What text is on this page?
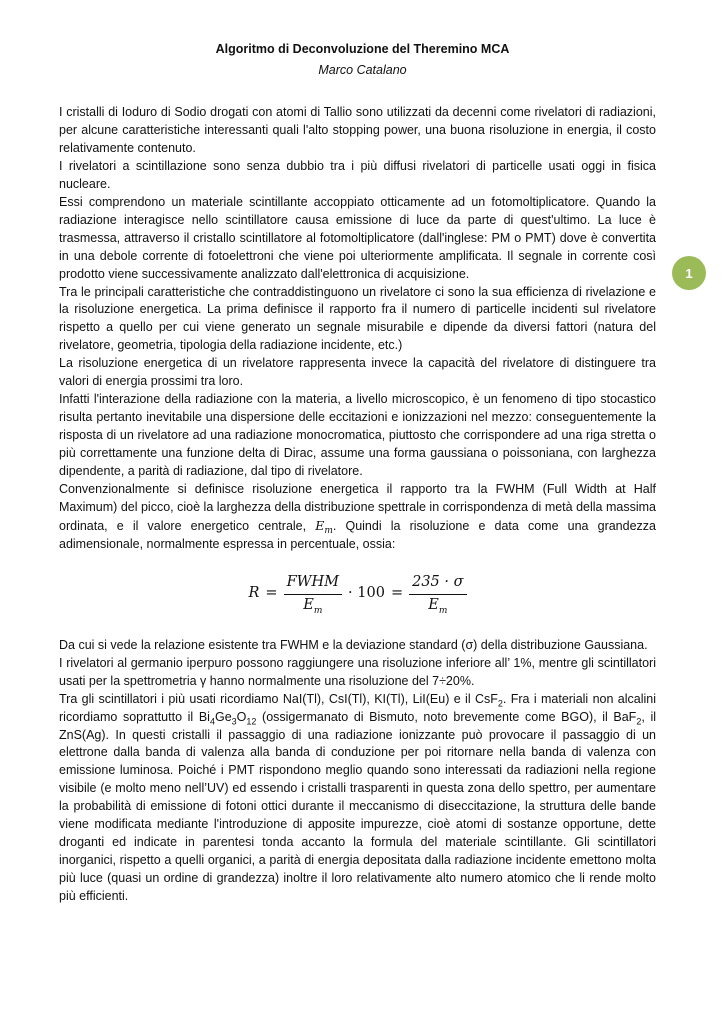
Algoritmo di Deconvoluzione del Theremino MCA
Marco Catalano
1

I cristalli di Ioduro di Sodio drogati con atomi di Tallio sono utilizzati da decenni come rivelatori di radiazioni, per alcune caratteristiche interessanti quali l'alto stopping power, una buona risoluzione in energia, il costo relativamente contenuto.

I rivelatori a scintillazione sono senza dubbio tra i più diffusi rivelatori di particelle usati oggi in fisica nucleare.

Essi comprendono un materiale scintillante accoppiato otticamente ad un fotomoltiplicatore. Quando la radiazione interagisce nello scintillatore causa emissione di luce da parte di quest'ultimo. La luce è trasmessa, attraverso il cristallo scintillatore al fotomoltiplicatore (dall'inglese: PM o PMT) dove è convertita in una debole corrente di fotoelettroni che viene poi ulteriormente amplificata. Il segnale in corrente così prodotto viene successivamente analizzato dall'elettronica di acquisizione.

Tra le principali caratteristiche che contraddistinguono un rivelatore ci sono la sua efficienza di rivelazione e la risoluzione energetica. La prima definisce il rapporto fra il numero di particelle incidenti sul rivelatore rispetto a quello per cui viene generato un segnale misurabile e dipende da diversi fattori (natura del rivelatore, geometria, tipologia della radiazione incidente, etc.)

La risoluzione energetica di un rivelatore rappresenta invece la capacità del rivelatore di distinguere tra valori di energia prossimi tra loro.

Infatti l'interazione della radiazione con la materia, a livello microscopico, è un fenomeno di tipo stocastico risulta pertanto inevitabile una dispersione delle eccitazioni e ionizzazioni nel mezzo: conseguentemente la risposta di un rivelatore ad una radiazione monocromatica, piuttosto che corrispondere ad una riga stretta o più correttamente una funzione delta di Dirac, assume una forma gaussiana o poissoniana, con larghezza dipendente, a parità di radiazione, dal tipo di rivelatore.

Convenzionalmente si definisce risoluzione energetica il rapporto tra la FWHM (Full Width at Half Maximum) del picco, cioè la larghezza della distribuzione spettrale in corrispondenza di metà della massima ordinata, e il valore energetico centrale, $E_m$. Quindi la risoluzione e data come una grandezza adimensionale, normalmente espressa in percentuale, ossia:

$R = \frac{\text{FWHM}}{E_m} \cdot 100 = \frac{235 \cdot \sigma}{E_m}$

Da cui si vede la relazione esistente tra FWHM e la deviazione standard (σ) della distribuzione Gaussiana.

I rivelatori al germanio iperpuro possono raggiungere una risoluzione inferiore all’ 1%, mentre gli scintillatori usati per la spettrometria γ hanno normalmente una risoluzione del 7÷20%.

Tra gli scintillatori i più usati ricordiamo NaI(Tl), CsI(Tl), KI(Tl), LiI(Eu) e il CsF$_2$. Fra i materiali non alcalini ricordiamo soprattutto il $Bi_4Ge_3O_{12}$ (ossigermanato di Bismuto, noto brevemente come BGO), il BaF$_2$, il ZnS(Ag). In questi cristalli il passaggio di una radiazione ionizzante può provocare il passaggio di un elettrone dalla banda di valenza alla banda di conduzione per poi ritornare nella banda di valenza con emissione luminosa. Poiché i PMT rispondono meglio quando sono interessati da radiazioni nella regione visibile (e molto meno nell’UV) ed essendo i cristalli trasparenti in questa zona dello spettro, per aumentare la probabilità di emissione di fotoni ottici durante il meccanismo di diseccitazione, la struttura delle bande viene modificata mediante l'introduzione di apposite impurezze, cioè atomi di sostanze opportune, dette droganti ed indicate in parentesi tonda accanto la formula del materiale scintillante. Gli scintillatori inorganici, rispetto a quelli organici, a parità di energia depositata dalla radiazione incidente emettono molta più luce (quasi un ordine di grandezza) inoltre il loro relativamente alto numero atomico che li rende molto più efficienti.
